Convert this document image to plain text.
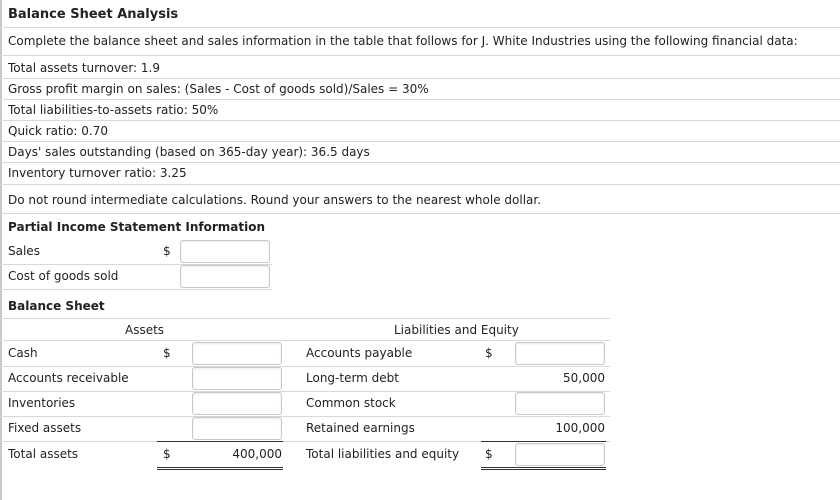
Balance Sheet Analysis
Complete the balance sheet and sales information in the table that follows for J. White Industries using the following financial data:
Total assets turnover: 1.9
Gross profit margin on sales: (Sales - Cost of goods sold)/Sales = 30%
Total liabilities-to-assets ratio: 50%
Quick ratio: 0.70
Days' sales outstanding (based on 365-day year): 36.5 days
Inventory turnover ratio: 3.25
Do not round intermediate calculations. Round your answers to the nearest whole dollar.
Partial Income Statement Information
Sales	$
Cost of goods sold
Balance Sheet
Assets	Liabilities and Equity
Cash	$	Accounts payable	$
Accounts receivable	Long-term debt	50,000
Inventories	Common stock
Fixed assets	Retained earnings	100,000
Total assets	$	400,000 Total liabilities and equity $
